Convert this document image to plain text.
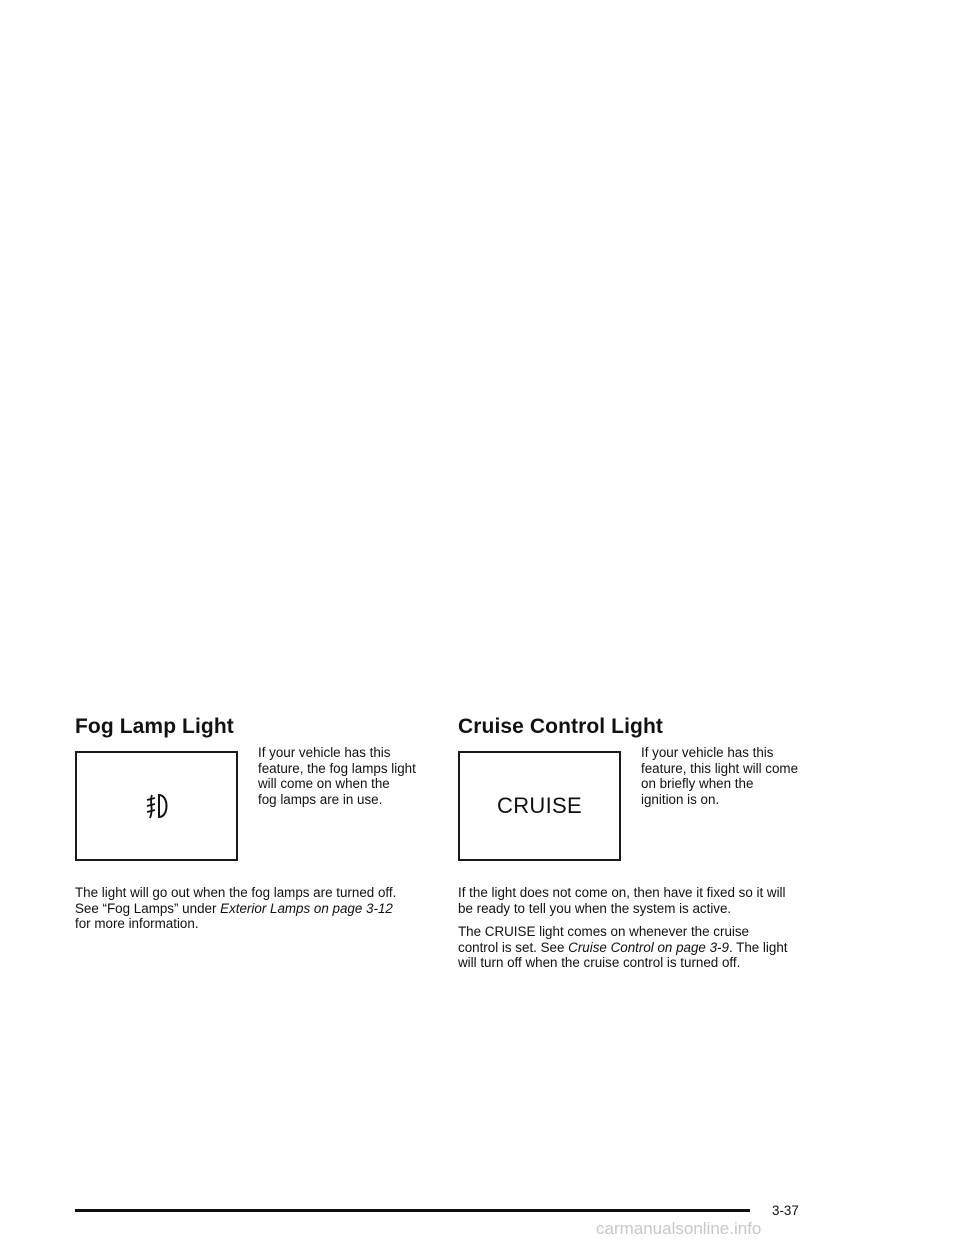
Fog Lamp Light
If your vehicle has this
feature, the fog lamps light
will come on when the
fog lamps are in use.

The light will go out when the fog lamps are turned off.
See “Fog Lamps” under Exterior Lamps on page 3-12
for more information.

Cruise Control Light
CRUISE
If your vehicle has this
feature, this light will come
on briefly when the
ignition is on.

If the light does not come on, then have it fixed so it will
be ready to tell you when the system is active.

The CRUISE light comes on whenever the cruise
control is set. See Cruise Control on page 3-9. The light
will turn off when the cruise control is turned off.

3-37
carmanualsonline.info
